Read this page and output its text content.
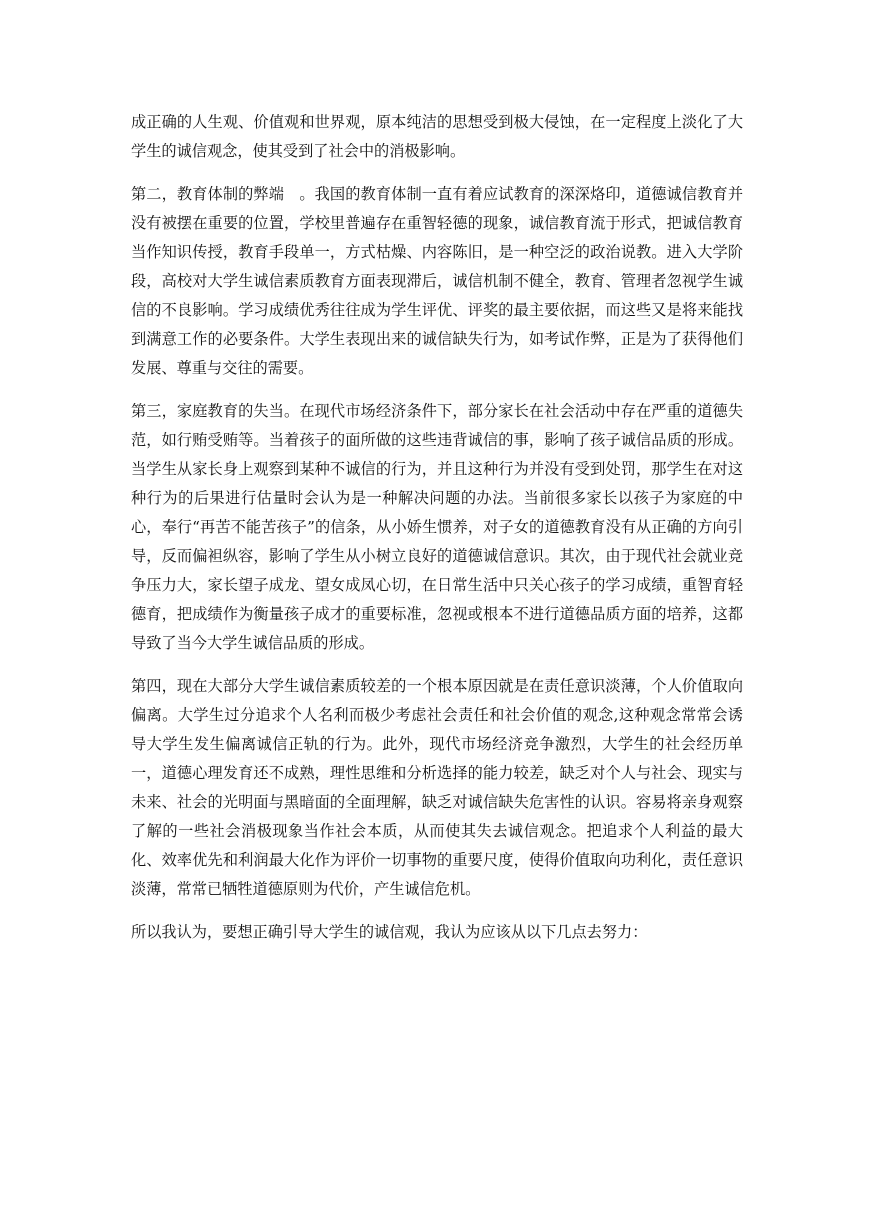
成正确的人生观、价值观和世界观，原本纯洁的思想受到极大侵蚀，在一定程度上淡化了大学生的诚信观念，使其受到了社会中的消极影响。

第二，教育体制的弊端　。我国的教育体制一直有着应试教育的深深烙印，道德诚信教育并没有被摆在重要的位置，学校里普遍存在重智轻德的现象，诚信教育流于形式，把诚信教育当作知识传授，教育手段单一，方式枯燥、内容陈旧，是一种空泛的政治说教。进入大学阶段，高校对大学生诚信素质教育方面表现滞后，诚信机制不健全，教育、管理者忽视学生诚信的不良影响。学习成绩优秀往往成为学生评优、评奖的最主要依据，而这些又是将来能找到满意工作的必要条件。大学生表现出来的诚信缺失行为，如考试作弊，正是为了获得他们发展、尊重与交往的需要。

第三，家庭教育的失当。在现代市场经济条件下，部分家长在社会活动中存在严重的道德失范，如行贿受贿等。当着孩子的面所做的这些违背诚信的事，影响了孩子诚信品质的形成。当学生从家长身上观察到某种不诚信的行为，并且这种行为并没有受到处罚，那学生在对这种行为的后果进行估量时会认为是一种解决问题的办法。当前很多家长以孩子为家庭的中心，奉行“再苦不能苦孩子”的信条，从小娇生惯养，对子女的道德教育没有从正确的方向引导，反而偏袒纵容，影响了学生从小树立良好的道德诚信意识。其次，由于现代社会就业竞争压力大，家长望子成龙、望女成凤心切，在日常生活中只关心孩子的学习成绩，重智育轻德育，把成绩作为衡量孩子成才的重要标准，忽视或根本不进行道德品质方面的培养，这都导致了当今大学生诚信品质的形成。

第四，现在大部分大学生诚信素质较差的一个根本原因就是在责任意识淡薄，个人价值取向偏离。大学生过分追求个人名利而极少考虑社会责任和社会价值的观念,这种观念常常会诱导大学生发生偏离诚信正轨的行为。此外，现代市场经济竞争激烈，大学生的社会经历单一，道德心理发育还不成熟，理性思维和分析选择的能力较差，缺乏对个人与社会、现实与未来、社会的光明面与黑暗面的全面理解，缺乏对诚信缺失危害性的认识。容易将亲身观察了解的一些社会消极现象当作社会本质，从而使其失去诚信观念。把追求个人利益的最大化、效率优先和利润最大化作为评价一切事物的重要尺度，使得价值取向功利化，责任意识淡薄，常常已牺牲道德原则为代价，产生诚信危机。

所以我认为，要想正确引导大学生的诚信观，我认为应该从以下几点去努力：
